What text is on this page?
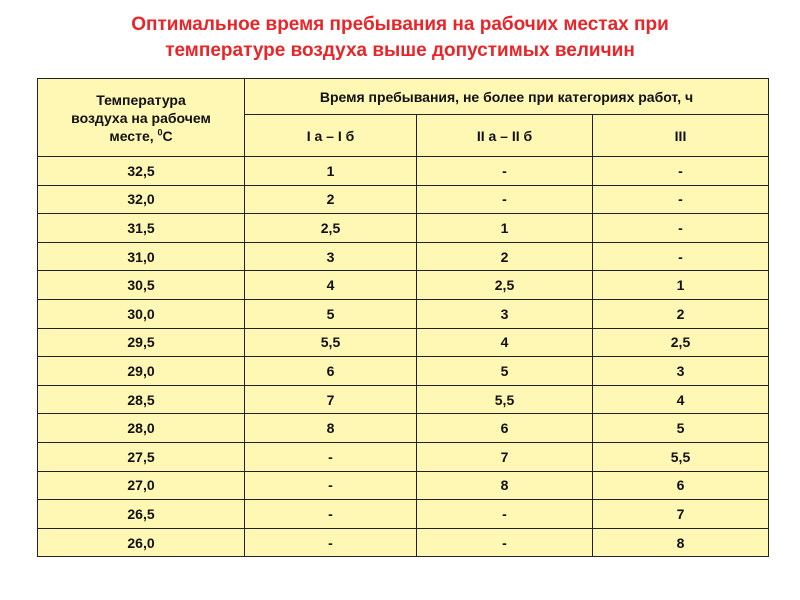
Оптимальное время пребывания на рабочих местах при
температуре воздуха выше допустимых величин
Температура
воздуха на рабочем
месте, $^0$С	Время пребывания, не более при категориях работ, ч		
	I а – I б	II а – II б	III
32,5	1	-	-
32,0	2	-	-
31,5	2,5	1	-
31,0	3	2	-
30,5	4	2,5	1
30,0	5	3	2
29,5	5,5	4	2,5
29,0	6	5	3
28,5	7	5,5	4
28,0	8	6	5
27,5	-	7	5,5
27,0	-	8	6
26,5	-	-	7
26,0	-	-	8
